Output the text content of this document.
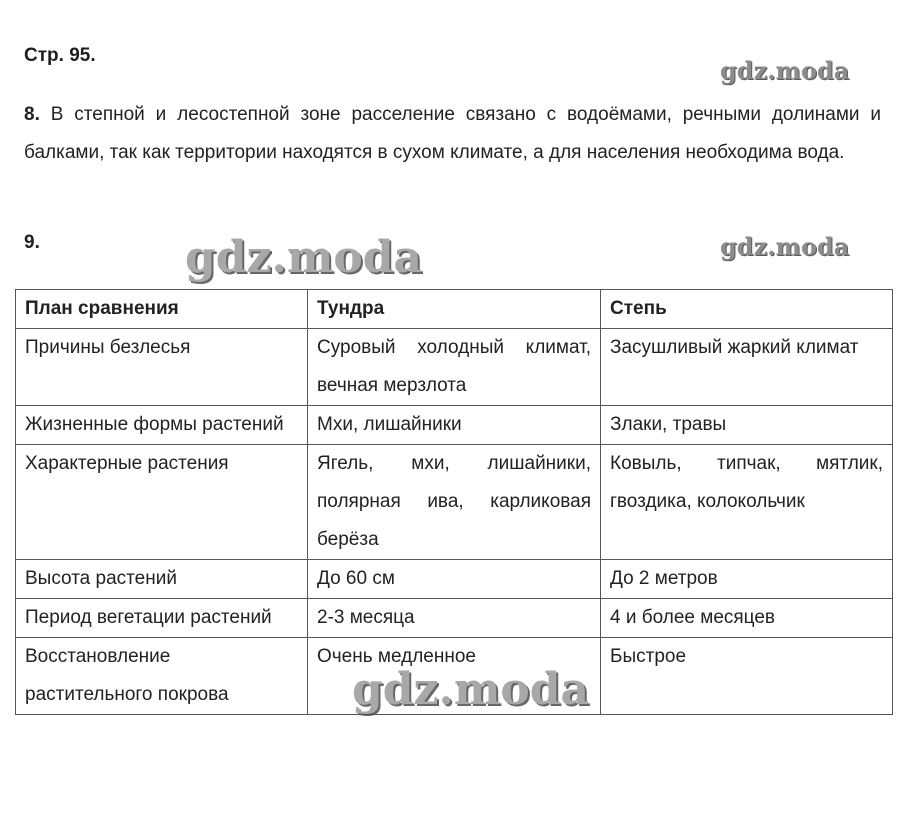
Стр. 95.
8. В степной и лесостепной зоне расселение связано с водоёмами, речными долинами и балками, так как территории находятся в сухом климате, а для населения необходима вода.
9.
План сравнения	Тундра	Степь
Причины безлесья	Суровый холодный климат, вечная мерзлота	Засушливый жаркий климат
Жизненные формы растений	Мхи, лишайники	Злаки, травы
Характерные растения	Ягель, мхи, лишайники, полярная ива, карликовая берёза	Ковыль, типчак, мятлик, гвоздика, колокольчик
Высота растений	До 60 см	До 2 метров
Период вегетации растений	2-3 месяца	4 и более месяцев
Восстановление растительного покрова	Очень медленное	Быстрое
gdz.moda
gdz.moda
gdz.moda
gdz.moda
